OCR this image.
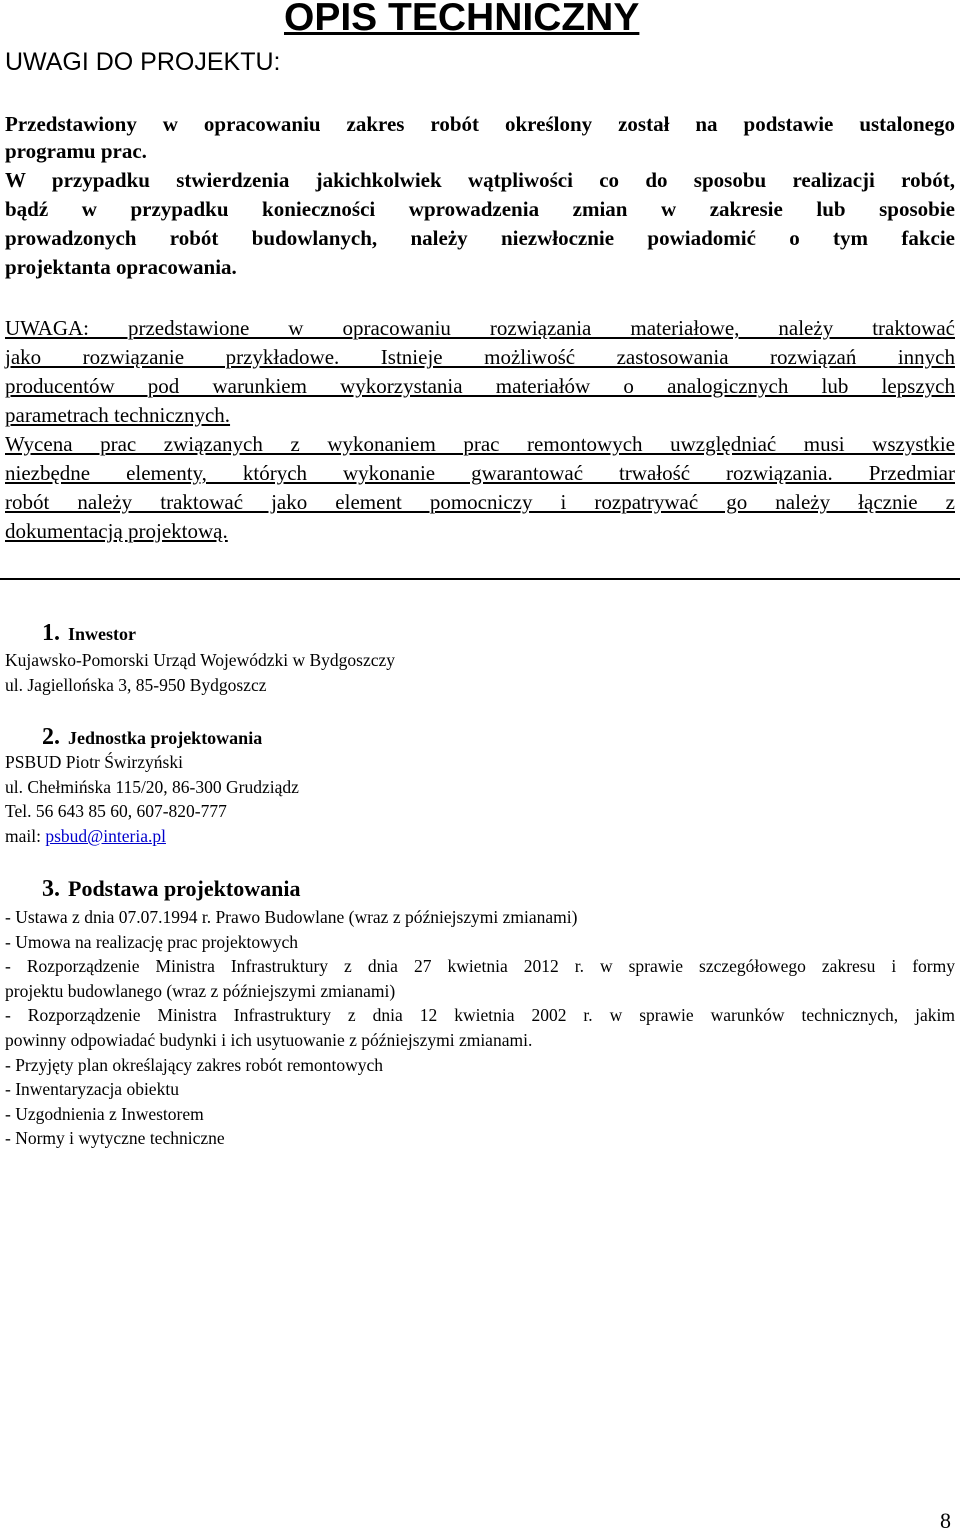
UWAGI DO PROJEKTU:
OPIS TECHNICZNY
Przedstawiony w opracowaniu zakres robót określony został na podstawie ustalonego
programu prac.
W przypadku stwierdzenia jakichkolwiek wątpliwości co do sposobu realizacji robót,
bądź w przypadku konieczności wprowadzenia zmian w zakresie lub sposobie
prowadzonych robót budowlanych, należy niezwłocznie powiadomić o tym fakcie
projektanta opracowania.
UWAGA: przedstawione w opracowaniu rozwiązania materiałowe, należy traktować
jako rozwiązanie przykładowe. Istnieje możliwość zastosowania rozwiązań innych
producentów pod warunkiem wykorzystania materiałów o analogicznych lub lepszych
parametrach technicznych.
Wycena prac związanych z wykonaniem prac remontowych uwzględniać musi wszystkie
niezbędne elementy, których wykonanie gwarantować trwałość rozwiązania. Przedmiar
robót należy traktować jako element pomocniczy i rozpatrywać go należy łącznie z
dokumentacją projektową.
1. Inwestor
Kujawsko-Pomorski Urząd Wojewódzki w Bydgoszczy
ul. Jagiellońska 3, 85-950 Bydgoszcz
2. Jednostka projektowania
PSBUD Piotr Świrzyński
ul. Chełmińska 115/20, 86-300 Grudziądz
Tel. 56 643 85 60, 607-820-777
mail: psbud@interia.pl
3. Podstawa projektowania
- Ustawa z dnia 07.07.1994 r. Prawo Budowlane (wraz z późniejszymi zmianami)
- Umowa na realizację prac projektowych
- Rozporządzenie Ministra Infrastruktury z dnia 27 kwietnia 2012 r. w sprawie szczegółowego zakresu i formy
projektu budowlanego (wraz z późniejszymi zmianami)
- Rozporządzenie Ministra Infrastruktury z dnia 12 kwietnia 2002 r. w sprawie warunków technicznych, jakim
powinny odpowiadać budynki i ich usytuowanie z późniejszymi zmianami.
- Przyjęty plan określający zakres robót remontowych
- Inwentaryzacja obiektu
- Uzgodnienia z Inwestorem
- Normy i wytyczne techniczne
8
